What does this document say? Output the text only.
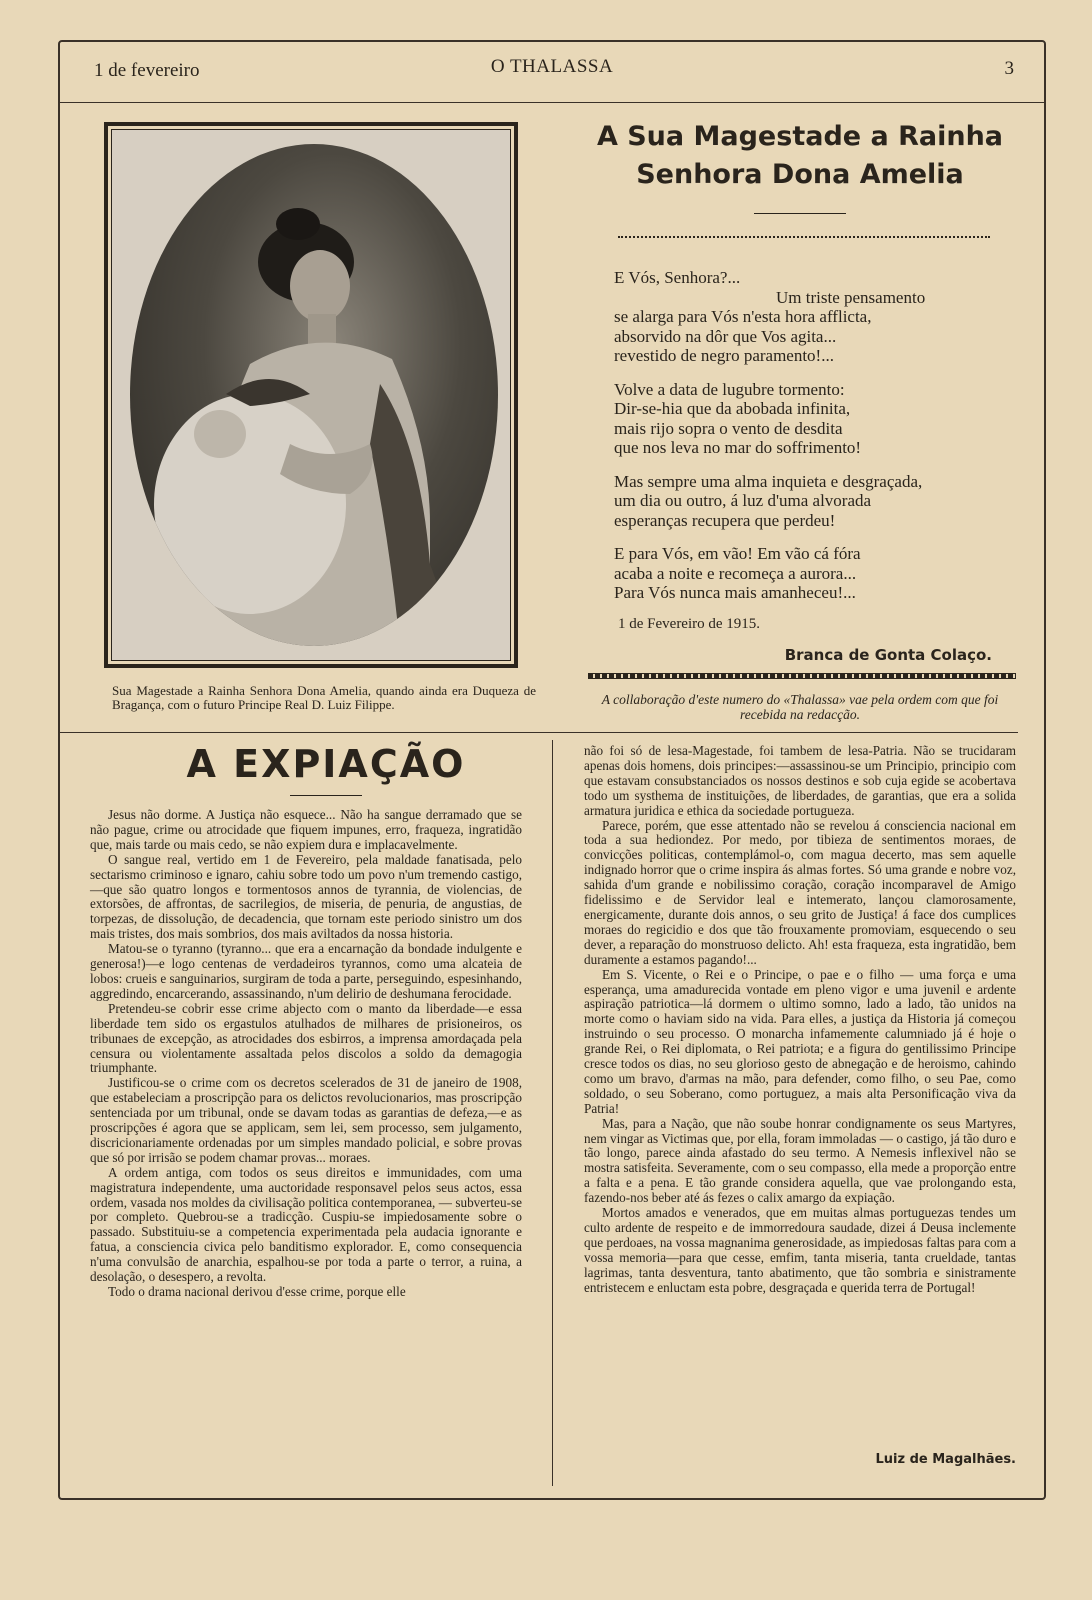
1 de fevereiro	O THALASSA	3
Sua Magestade a Rainha Senhora Dona Amelia, quando ainda era Duqueza de Bragança, com o futuro Principe Real D. Luiz Filippe.
A Sua Magestade a Rainha
Senhora Dona Amelia
E Vós, Senhora?...
Um triste pensamento
se alarga para Vós n'esta hora afflicta,
absorvido na dôr que Vos agita...
revestido de negro paramento!...
Volve a data de lugubre tormento:
Dir-se-hia que da abobada infinita,
mais rijo sopra o vento de desdita
que nos leva no mar do soffrimento!
Mas sempre uma alma inquieta e desgraçada,
um dia ou outro, á luz d'uma alvorada
esperanças recupera que perdeu!
E para Vós, em vão! Em vão cá fóra
acaba a noite e recomeça a aurora...
Para Vós nunca mais amanheceu!...
1 de Fevereiro de 1915.
Branca de Gonta Colaço.
A collaboração d'este numero do «Thalassa» vae pela ordem com que foi recebida na redacção.
A EXPIAÇÃO

Jesus não dorme. A Justiça não esquece... Não ha sangue derramado que se não pague, crime ou atrocidade que fiquem impunes, erro, fraqueza, ingratidão que, mais tarde ou mais cedo, se não expiem dura e implacavelmente.

O sangue real, vertido em 1 de Fevereiro, pela maldade fanatisada, pelo sectarismo criminoso e ignaro, cahiu sobre todo um povo n'um tremendo castigo,—que são quatro longos e tormentosos annos de tyrannia, de violencias, de extorsões, de affrontas, de sacrilegios, de miseria, de penuria, de angustias, de torpezas, de dissolução, de decadencia, que tornam este periodo sinistro um dos mais tristes, dos mais sombrios, dos mais aviltados da nossa historia.

Matou-se o tyranno (tyranno... que era a encarnação da bondade indulgente e generosa!)—e logo centenas de verdadeiros tyrannos, como uma alcateia de lobos: crueis e sanguinarios, surgiram de toda a parte, perseguindo, espesinhando, aggredindo, encarcerando, assassinando, n'um delirio de deshumana ferocidade.

Pretendeu-se cobrir esse crime abjecto com o manto da liberdade—e essa liberdade tem sido os ergastulos atulhados de milhares de prisioneiros, os tribunaes de excepção, as atrocidades dos esbirros, a imprensa amordaçada pela censura ou violentamente assaltada pelos discolos a soldo da demagogia triumphante.

Justificou-se o crime com os decretos scelerados de 31 de janeiro de 1908, que estabeleciam a proscripção para os delictos revolucionarios, mas proscripção sentenciada por um tribunal, onde se davam todas as garantias de defeza,—e as proscripções é agora que se applicam, sem lei, sem processo, sem julgamento, discricionariamente ordenadas por um simples mandado policial, e sobre provas que só por irrisão se podem chamar provas... moraes.

A ordem antiga, com todos os seus direitos e immunidades, com uma magistratura independente, uma auctoridade responsavel pelos seus actos, essa ordem, vasada nos moldes da civilisação politica contemporanea, — subverteu-se por completo. Quebrou-se a tradicção. Cuspiu-se impiedosamente sobre o passado. Substituiu-se a competencia experimentada pela audacia ignorante e fatua, a consciencia civica pelo banditismo explorador. E, como consequencia n'uma convulsão de anarchia, espalhou-se por toda a parte o terror, a ruina, a desolação, o desespero, a revolta.

Todo o drama nacional derivou d'esse crime, porque elle

não foi só de lesa-Magestade, foi tambem de lesa-Patria. Não se trucidaram apenas dois homens, dois principes:—assassinou-se um Principio, principio com que estavam consubstanciados os nossos destinos e sob cuja egide se acobertava todo um systhema de instituições, de liberdades, de garantias, que era a solida armatura juridica e ethica da sociedade portugueza.

Parece, porém, que esse attentado não se revelou á consciencia nacional em toda a sua hediondez. Por medo, por tibieza de sentimentos moraes, de convicções politicas, contemplámol-o, com magua decerto, mas sem aquelle indignado horror que o crime inspira ás almas fortes. Só uma grande e nobre voz, sahida d'um grande e nobilissimo coração, coração incomparavel de Amigo fidelissimo e de Servidor leal e intemerato, lançou clamorosamente, energicamente, durante dois annos, o seu grito de Justiça! á face dos cumplices moraes do regicidio e dos que tão frouxamente promoviam, esquecendo o seu dever, a reparação do monstruoso delicto. Ah! esta fraqueza, esta ingratidão, bem duramente a estamos pagando!...

Em S. Vicente, o Rei e o Principe, o pae e o filho — uma força e uma esperança, uma amadurecida vontade em pleno vigor e uma juvenil e ardente aspiração patriotica—lá dormem o ultimo somno, lado a lado, tão unidos na morte como o haviam sido na vida. Para elles, a justiça da Historia já começou instruindo o seu processo. O monarcha infamemente calumniado já é hoje o grande Rei, o Rei diplomata, o Rei patriota; e a figura do gentilissimo Principe cresce todos os dias, no seu glorioso gesto de abnegação e de heroismo, cahindo como um bravo, d'armas na mão, para defender, como filho, o seu Pae, como soldado, o seu Soberano, como portuguez, a mais alta Personificação viva da Patria!

Mas, para a Nação, que não soube honrar condignamente os seus Martyres, nem vingar as Victimas que, por ella, foram immoladas — o castigo, já tão duro e tão longo, parece ainda afastado do seu termo. A Nemesis inflexivel não se mostra satisfeita. Severamente, com o seu compasso, ella mede a proporção entre a falta e a pena. E tão grande considera aquella, que vae prolongando esta, fazendo-nos beber até ás fezes o calix amargo da expiação.

Mortos amados e venerados, que em muitas almas portuguezas tendes um culto ardente de respeito e de immorredoura saudade, dizei á Deusa inclemente que perdoaes, na vossa magnanima generosidade, as impiedosas faltas para com a vossa memoria—para que cesse, emfim, tanta miseria, tanta crueldade, tantas lagrimas, tanta desventura, tanto abatimento, que tão sombria e sinistramente entristecem e enluctam esta pobre, desgraçada e querida terra de Portugal!

Luiz de Magalhães.
